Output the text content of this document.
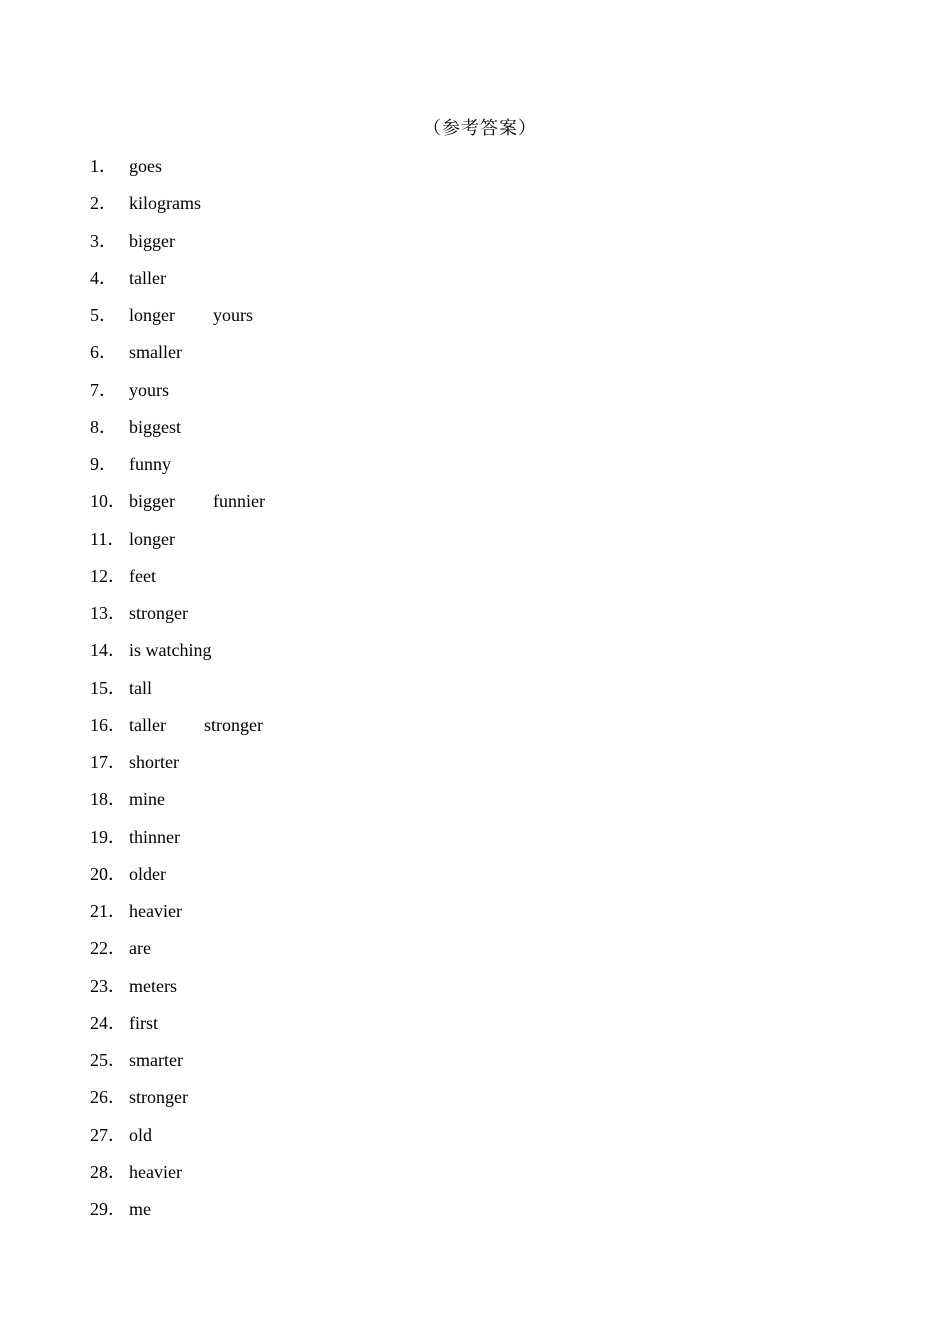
（参考答案）
1． goes
2． kilograms
3． bigger
4． taller
5． longer yours
6． smaller
7． yours
8． biggest
9． funny
10． bigger funnier
11． longer
12． feet
13． stronger
14． is watching
15． tall
16． taller stronger
17． shorter
18． mine
19． thinner
20． older
21． heavier
22． are
23． meters
24． first
25． smarter
26． stronger
27． old
28． heavier
29． me
